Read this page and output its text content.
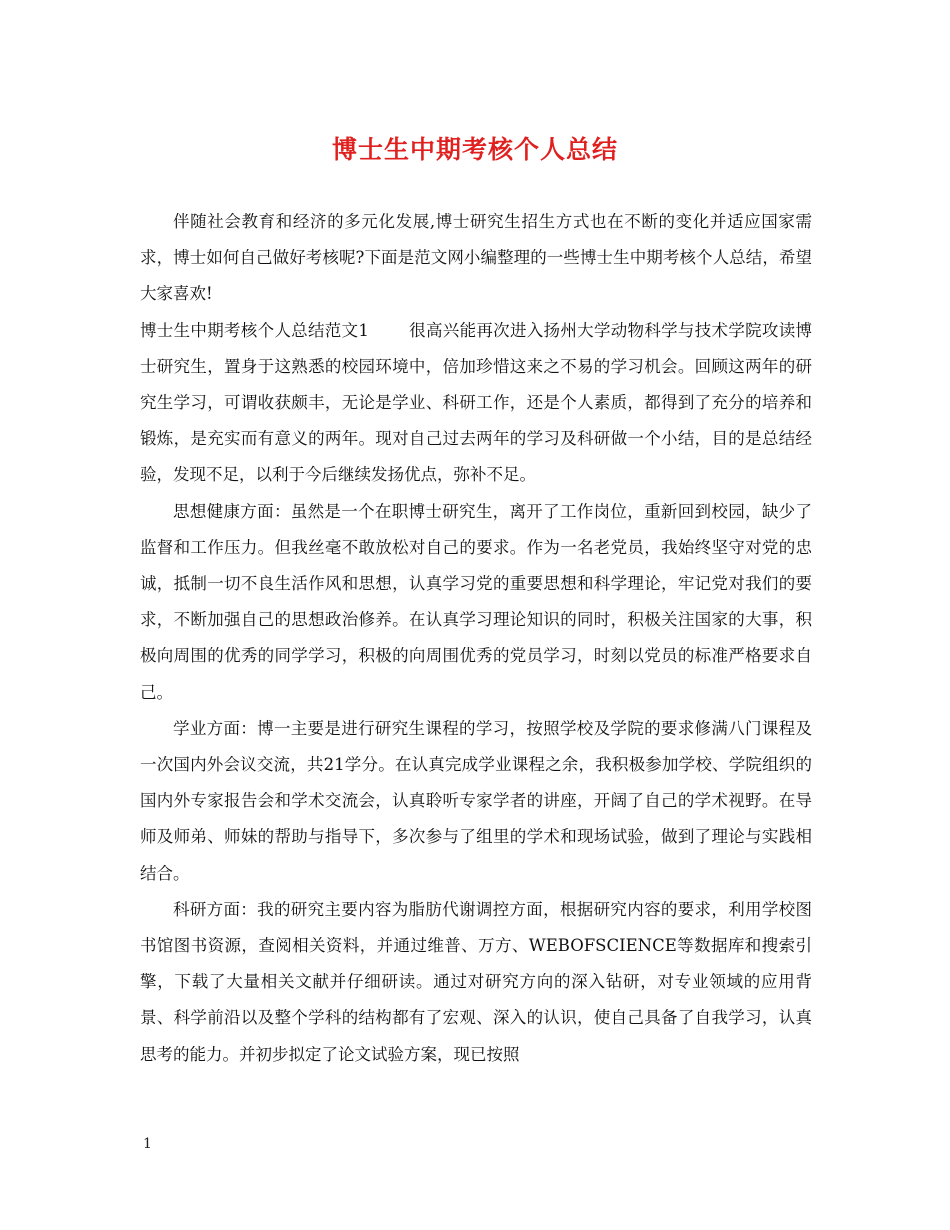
博士生中期考核个人总结

伴随社会教育和经济的多元化发展,博士研究生招生方式也在不断的变化并适应国家需求，博士如何自己做好考核呢?下面是范文网小编整理的一些博士生中期考核个人总结，希望大家喜欢!

博士生中期考核个人总结范文1 很高兴能再次进入扬州大学动物科学与技术学院攻读博士研究生，置身于这熟悉的校园环境中，倍加珍惜这来之不易的学习机会。回顾这两年的研究生学习，可谓收获颇丰，无论是学业、科研工作，还是个人素质，都得到了充分的培养和锻炼，是充实而有意义的两年。现对自己过去两年的学习及科研做一个小结，目的是总结经验，发现不足，以利于今后继续发扬优点，弥补不足。

思想健康方面：虽然是一个在职博士研究生，离开了工作岗位，重新回到校园，缺少了监督和工作压力。但我丝毫不敢放松对自己的要求。作为一名老党员，我始终坚守对党的忠诚，抵制一切不良生活作风和思想，认真学习党的重要思想和科学理论，牢记党对我们的要求，不断加强自己的思想政治修养。在认真学习理论知识的同时，积极关注国家的大事，积极向周围的优秀的同学学习，积极的向周围优秀的党员学习，时刻以党员的标准严格要求自己。

学业方面：博一主要是进行研究生课程的学习，按照学校及学院的要求修满八门课程及一次国内外会议交流，共21学分。在认真完成学业课程之余，我积极参加学校、学院组织的国内外专家报告会和学术交流会，认真聆听专家学者的讲座，开阔了自己的学术视野。在导师及师弟、师妹的帮助与指导下，多次参与了组里的学术和现场试验，做到了理论与实践相结合。

科研方面：我的研究主要内容为脂肪代谢调控方面，根据研究内容的要求，利用学校图书馆图书资源，查阅相关资料，并通过维普、万方、WEBOFSCIENCE等数据库和搜索引擎，下载了大量相关文献并仔细研读。通过对研究方向的深入钻研，对专业领域的应用背景、科学前沿以及整个学科的结构都有了宏观、深入的认识，使自己具备了自我学习，认真思考的能力。并初步拟定了论文试验方案，现已按照

1
